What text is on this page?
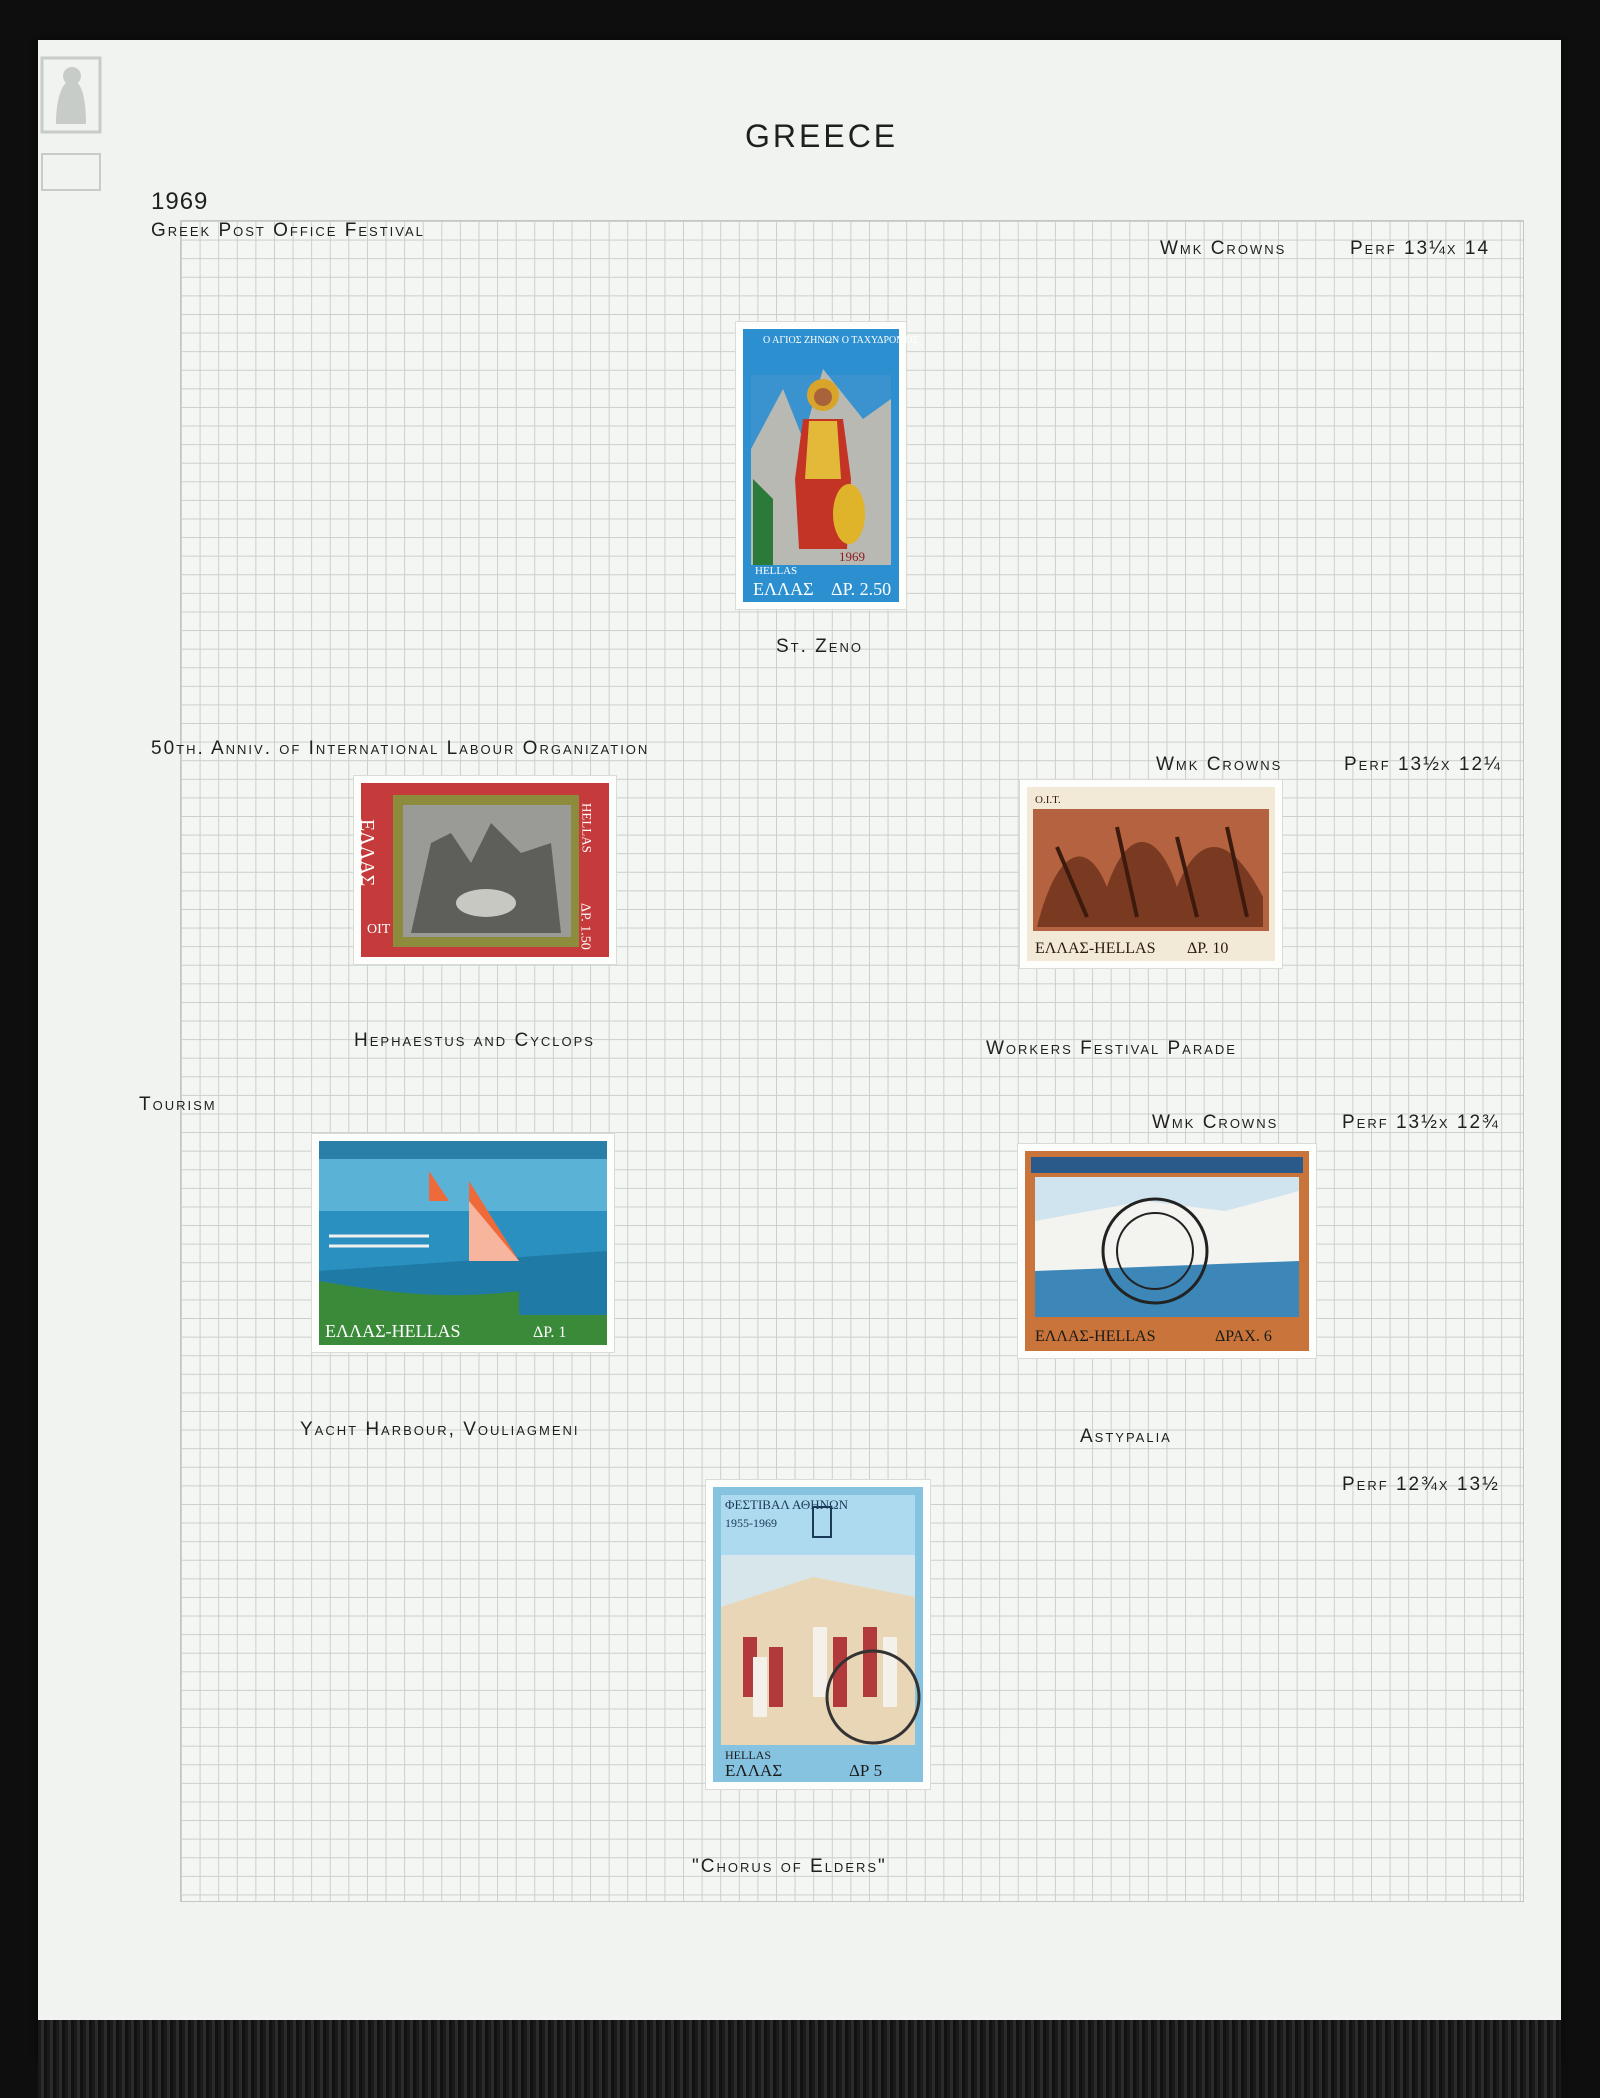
GREECE
1969
Greek Post Office Festival
Wmk Crowns	Perf 13¼x 14
Ο ΑΓΙΟΣ ΖΗΝΩΝ Ο ΤΑΧΥΔΡΟΜΟΣ
1969
HELLAS
ΕΛΛΑΣ ΔΡ. 2.50
St. Zeno
50th. Anniv. of International Labour Organization
Wmk Crowns	Perf 13½x 12¼
ΕΛΛΑΣ	HELLAS
ΔΡ. 1.50
ΟΙΤ
Hephaestus and Cyclops
Ο.Ι.Τ.
ΕΛΛΑΣ-HELLAS ΔΡ. 10
Workers Festival Parade
Tourism
Wmk Crowns	Perf 13½x 12¾
ΕΛΛΑΣ-HELLAS	ΔΡ. 1
Yacht Harbour, Vouliagmeni
ΕΛΛΑΣ-HELLAS	ΔΡΑΧ. 6
Astypalia
Perf 12¾x 13½
ΦΕΣΤΙΒΑΛ ΑΘΗΝΩΝ
1955-1969
HELLAS
ΕΛΛΑΣ	ΔΡ 5
"Chorus of Elders"
